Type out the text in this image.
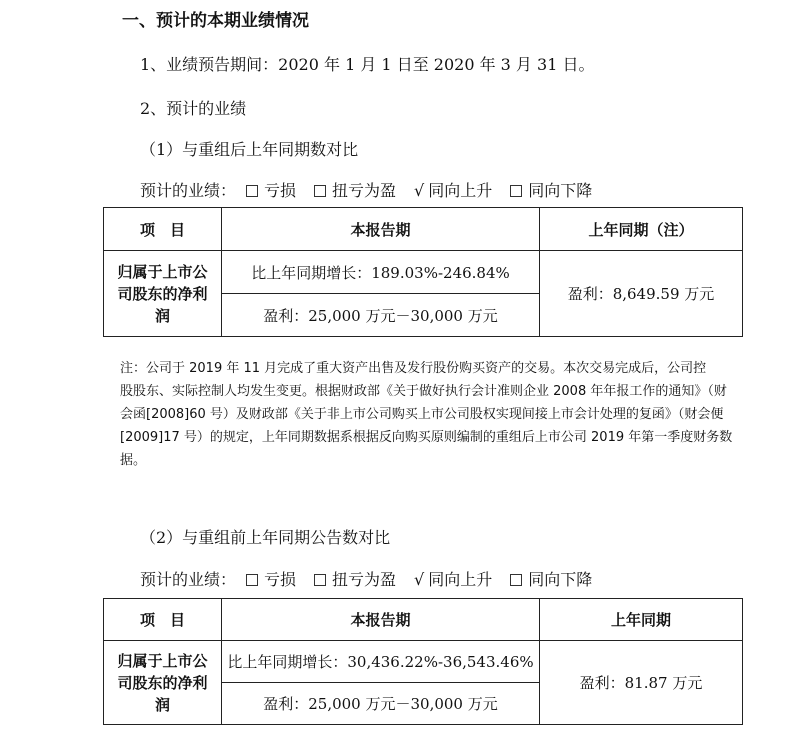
一、预计的本期业绩情况
1、业绩预告期间：2020 年 1 月 1 日至 2020 年 3 月 31 日。
2、预计的业绩
（1）与重组后上年同期数对比
预计的业绩：	亏损	扭亏为盈 √ 同向上升	同向下降
项　目	本报告期	上年同期（注）

归属于上市公
司股东的净利
润	比上年同期增长：189.03%-246.84%	盈利：8,649.59 万元
	盈利：25,000 万元－30,000 万元	
注：公司于 2019 年 11 月完成了重大资产出售及发行股份购买资产的交易。本次交易完成后，公司控
股股东、实际控制人均发生变更。根据财政部《关于做好执行会计准则企业 2008 年年报工作的通知》（财
会函[2008]60 号）及财政部《关于非上市公司购买上市公司股权实现间接上市会计处理的复函》（财会便
[2009]17 号）的规定，上年同期数据系根据反向购买原则编制的重组后上市公司 2019 年第一季度财务数
据。
（2）与重组前上年同期公告数对比
预计的业绩：	亏损	扭亏为盈 √ 同向上升	同向下降
项　目	本报告期	上年同期

归属于上市公
司股东的净利
润	比上年同期增长：30,436.22%-36,543.46%	盈利：81.87 万元
	盈利：25,000 万元－30,000 万元	
